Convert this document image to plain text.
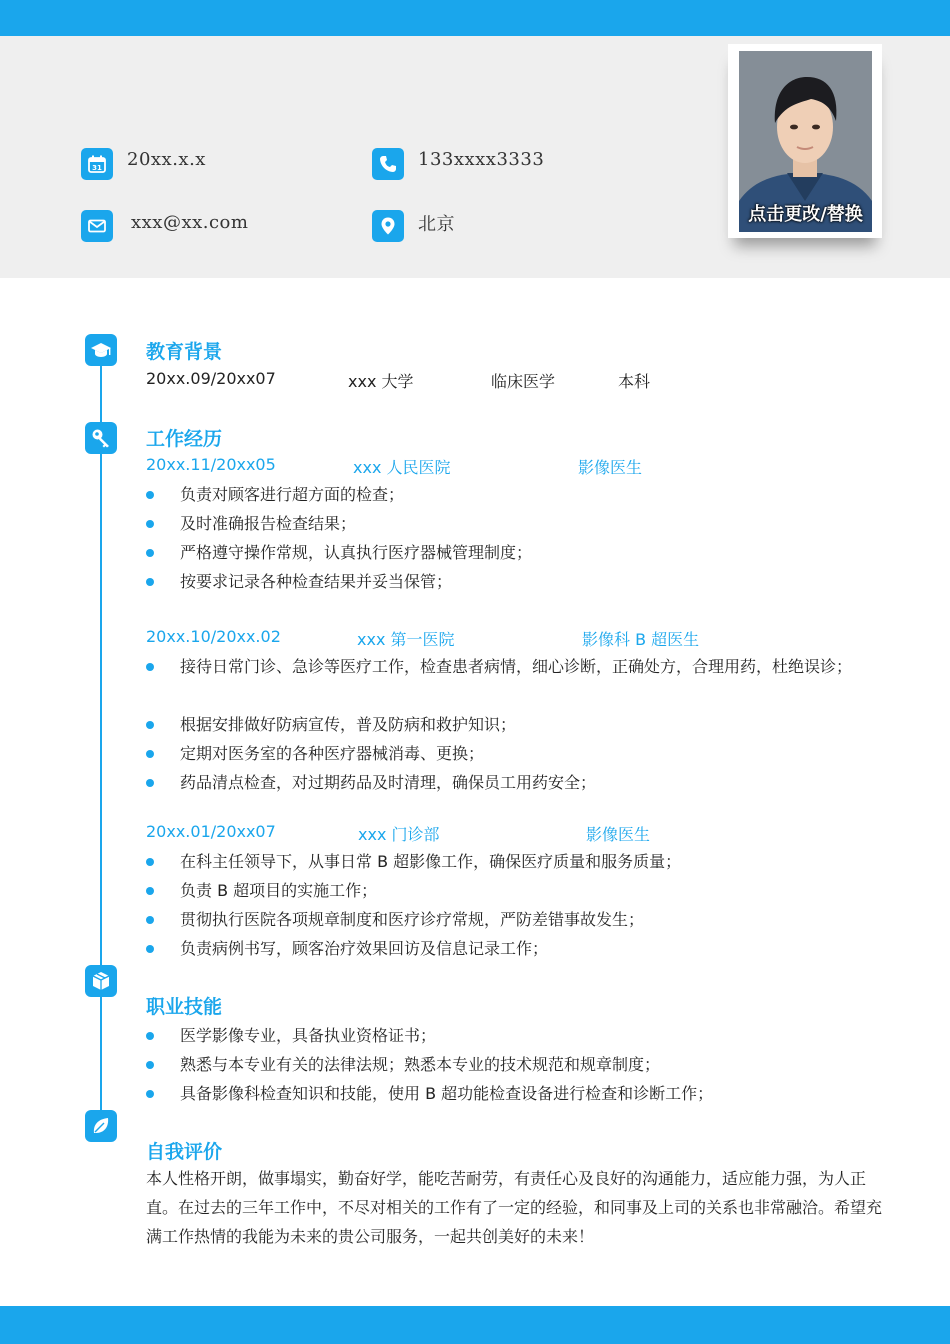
31 20xx.x.x	133xxxx3333
xxx@xx.com	北京	点击更改/替换
教育背景
20xx.09/20xx07	xxx 大学	临床医学	本科
工作经历
20xx.11/20xx05	xxx 人民医院	影像医生
负责对顾客进行超方面的检查；
及时准确报告检查结果；
严格遵守操作常规，认真执行医疗器械管理制度；
按要求记录各种检查结果并妥当保管；
20xx.10/20xx.02	xxx 第一医院	影像科 B 超医生
接待日常门诊、急诊等医疗工作，检查患者病情，细心诊断，正确处方，合理用药，杜绝误诊；
根据安排做好防病宣传，普及防病和救护知识；
定期对医务室的各种医疗器械消毒、更换；
药品清点检查，对过期药品及时清理，确保员工用药安全；
20xx.01/20xx07	xxx 门诊部	影像医生
在科主任领导下，从事日常 B 超影像工作，确保医疗质量和服务质量；
负责 B 超项目的实施工作；
贯彻执行医院各项规章制度和医疗诊疗常规，严防差错事故发生；
负责病例书写，顾客治疗效果回访及信息记录工作；
职业技能
医学影像专业，具备执业资格证书；
熟悉与本专业有关的法律法规；熟悉本专业的技术规范和规章制度；
具备影像科检查知识和技能，使用 B 超功能检查设备进行检查和诊断工作；
自我评价
本人性格开朗，做事塌实，勤奋好学，能吃苦耐劳，有责任心及良好的沟通能力，适应能力强，为人正直。在过去的三年工作中，不尽对相关的工作有了一定的经验，和同事及上司的关系也非常融洽。希望充满工作热情的我能为未来的贵公司服务，一起共创美好的未来！
